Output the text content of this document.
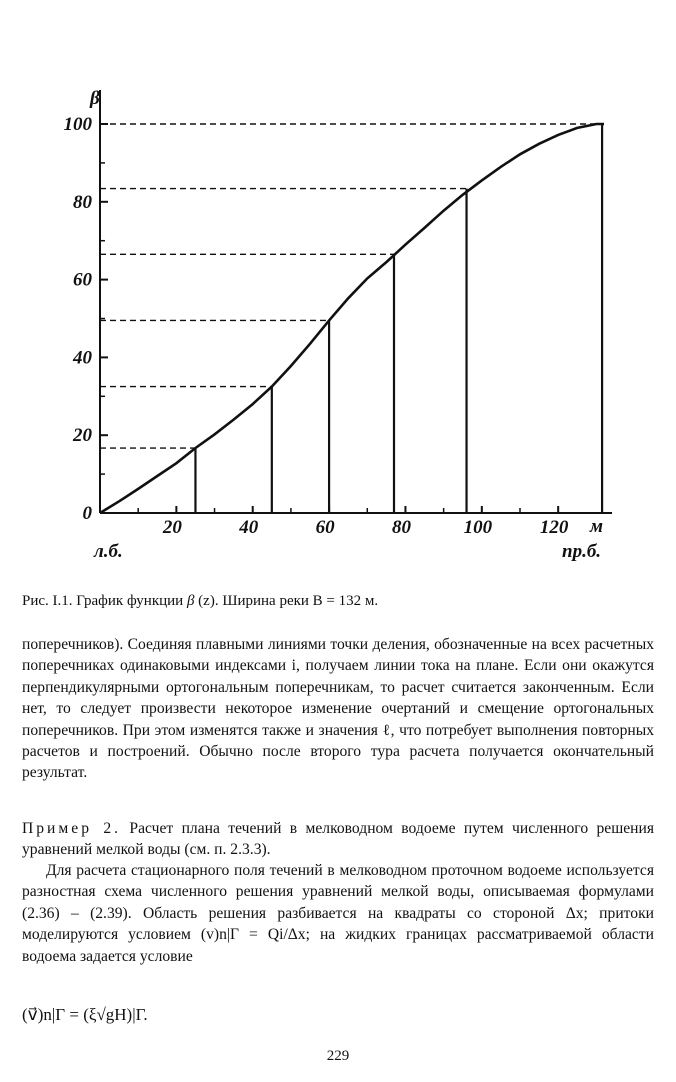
0
20
40
60
80
100
20	40	60	80	100	120
β
л.б.	пр.б.
м
Рис. I.1. График функции β (z). Ширина реки B = 132 м.

поперечников). Соединяя плавными линиями точки деления, обозначенные на всех расчетных поперечниках одинаковыми индексами i, получаем линии тока на плане. Если они окажутся перпендикулярными ортогональным поперечникам, то расчет считается законченным. Если нет, то следует произвести некоторое изменение очертаний и смещение ортогональных поперечников. При этом изменятся также и значения ℓ, что потребует выполнения повторных расчетов и построений. Обычно после второго тура расчета получается окончательный результат.

Пример 2. Расчет плана течений в мелководном водоеме путем численного решения уравнений мелкой воды (см. п. 2.3.3).

Для расчета стационарного поля течений в мелководном проточном водоеме используется разностная схема численного решения уравнений мелкой воды, описываемая формулами (2.36) – (2.39). Область решения разбивается на квадраты со стороной Δx; притоки моделируются условием (v)n|Γ = Qi/Δx; на жидких границах рассматриваемой области водоема задается условие

(v⃗)n|Γ = (ξ√gH)|Γ.
229
